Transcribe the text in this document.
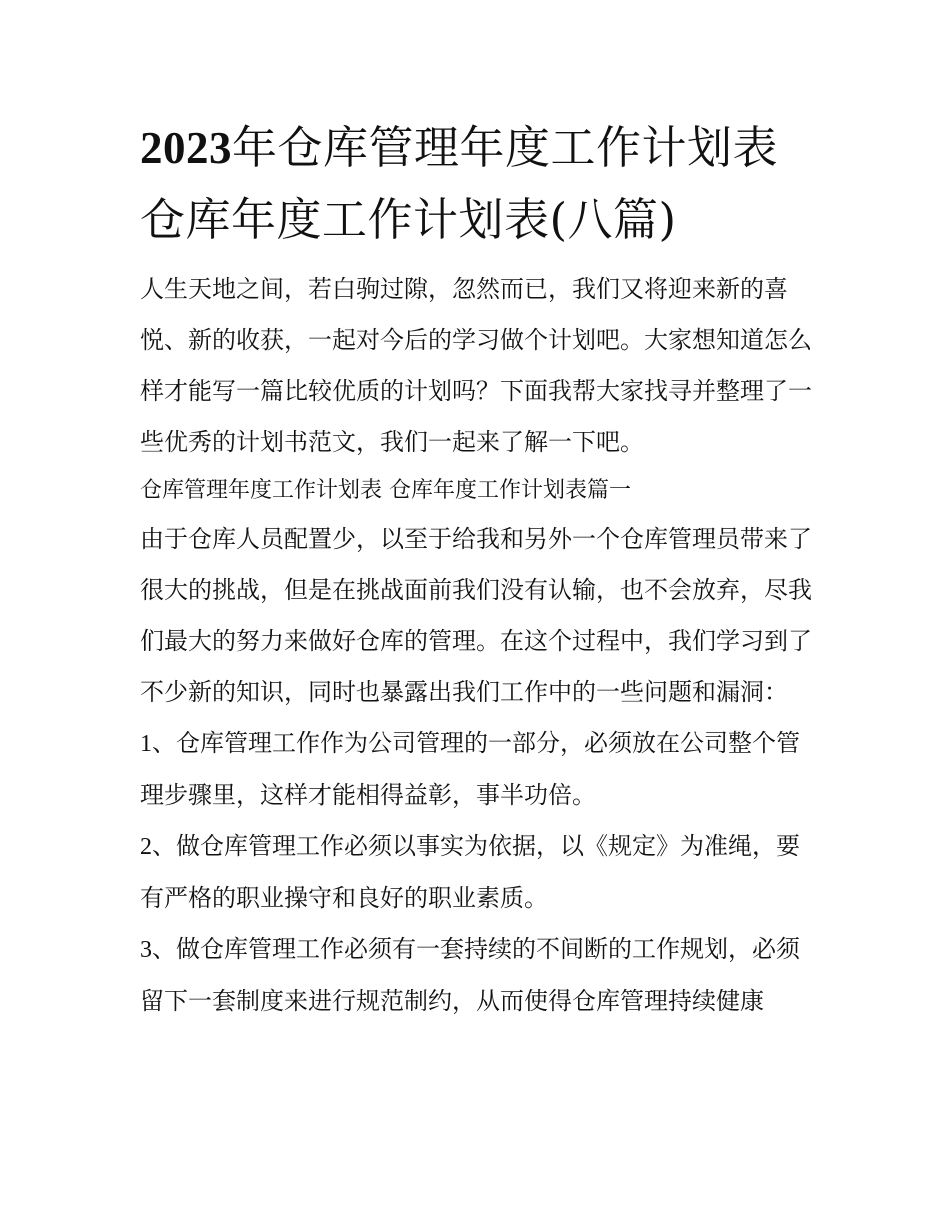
2023年仓库管理年度工作计划表 仓库年度工作计划表(八篇)

人生天地之间，若白驹过隙，忽然而已，我们又将迎来新的喜悦、新的收获，一起对今后的学习做个计划吧。大家想知道怎么样才能写一篇比较优质的计划吗？下面我帮大家找寻并整理了一些优秀的计划书范文，我们一起来了解一下吧。

仓库管理年度工作计划表 仓库年度工作计划表篇一

由于仓库人员配置少，以至于给我和另外一个仓库管理员带来了很大的挑战，但是在挑战面前我们没有认输，也不会放弃，尽我们最大的努力来做好仓库的管理。在这个过程中，我们学习到了不少新的知识，同时也暴露出我们工作中的一些问题和漏洞：

1、仓库管理工作作为公司管理的一部分，必须放在公司整个管理步骤里，这样才能相得益彰，事半功倍。

2、做仓库管理工作必须以事实为依据，以《规定》为准绳，要有严格的职业操守和良好的职业素质。

3、做仓库管理工作必须有一套持续的不间断的工作规划，必须留下一套制度来进行规范制约，从而使得仓库管理持续健康
